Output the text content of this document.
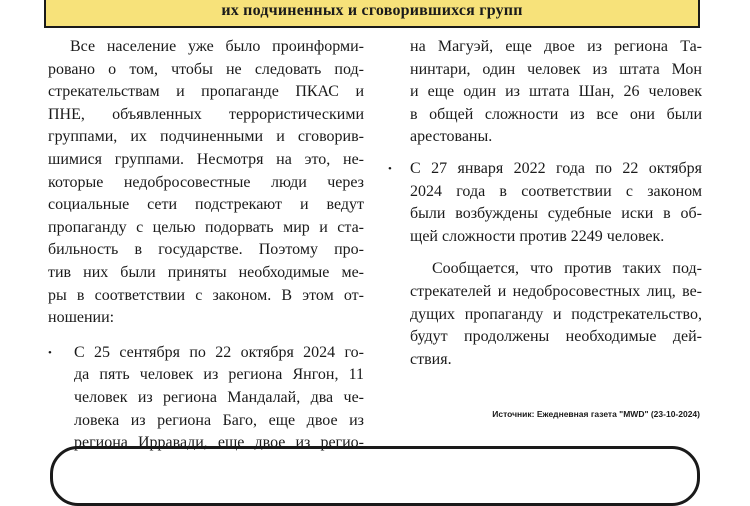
их подчиненных и сговорившихся групп
Все население уже было проинформи-
ровано о том, чтобы не следовать под-
стрекательствам и пропаганде ПКАС и
ПНЕ, объявленных террористическими
группами, их подчиненными и сговорив-
шимися группами. Несмотря на это, не-
которые недобросовестные люди через
социальные сети подстрекают и ведут
пропаганду с целью подорвать мир и ста-
бильность в государстве. Поэтому про-
тив них были приняты необходимые ме-
ры в соответствии с законом. В этом от-
ношении:
• С 25 сентября по 22 октября 2024 го-
да пять человек из региона Янгон, 11
человек из региона Мандалай, два че-
ловека из региона Баго, еще двое из
региона Ирравади, еще двое из регио-
на Магуэй, еще двое из региона Та-
нинтари, один человек из штата Мон
и еще один из штата Шан, 26 человек
в общей сложности из все они были
арестованы.
• С 27 января 2022 года по 22 октября
2024 года в соответствии с законом
были возбуждены судебные иски в об-
щей сложности против 2249 человек.
Сообщается, что против таких под-
стрекателей и недобросовестных лиц, ве-
дущих пропаганду и подстрекательство,
будут продолжены необходимые дей-
ствия.
Источник: Ежедневная газета "MWD" (23-10-2024)
